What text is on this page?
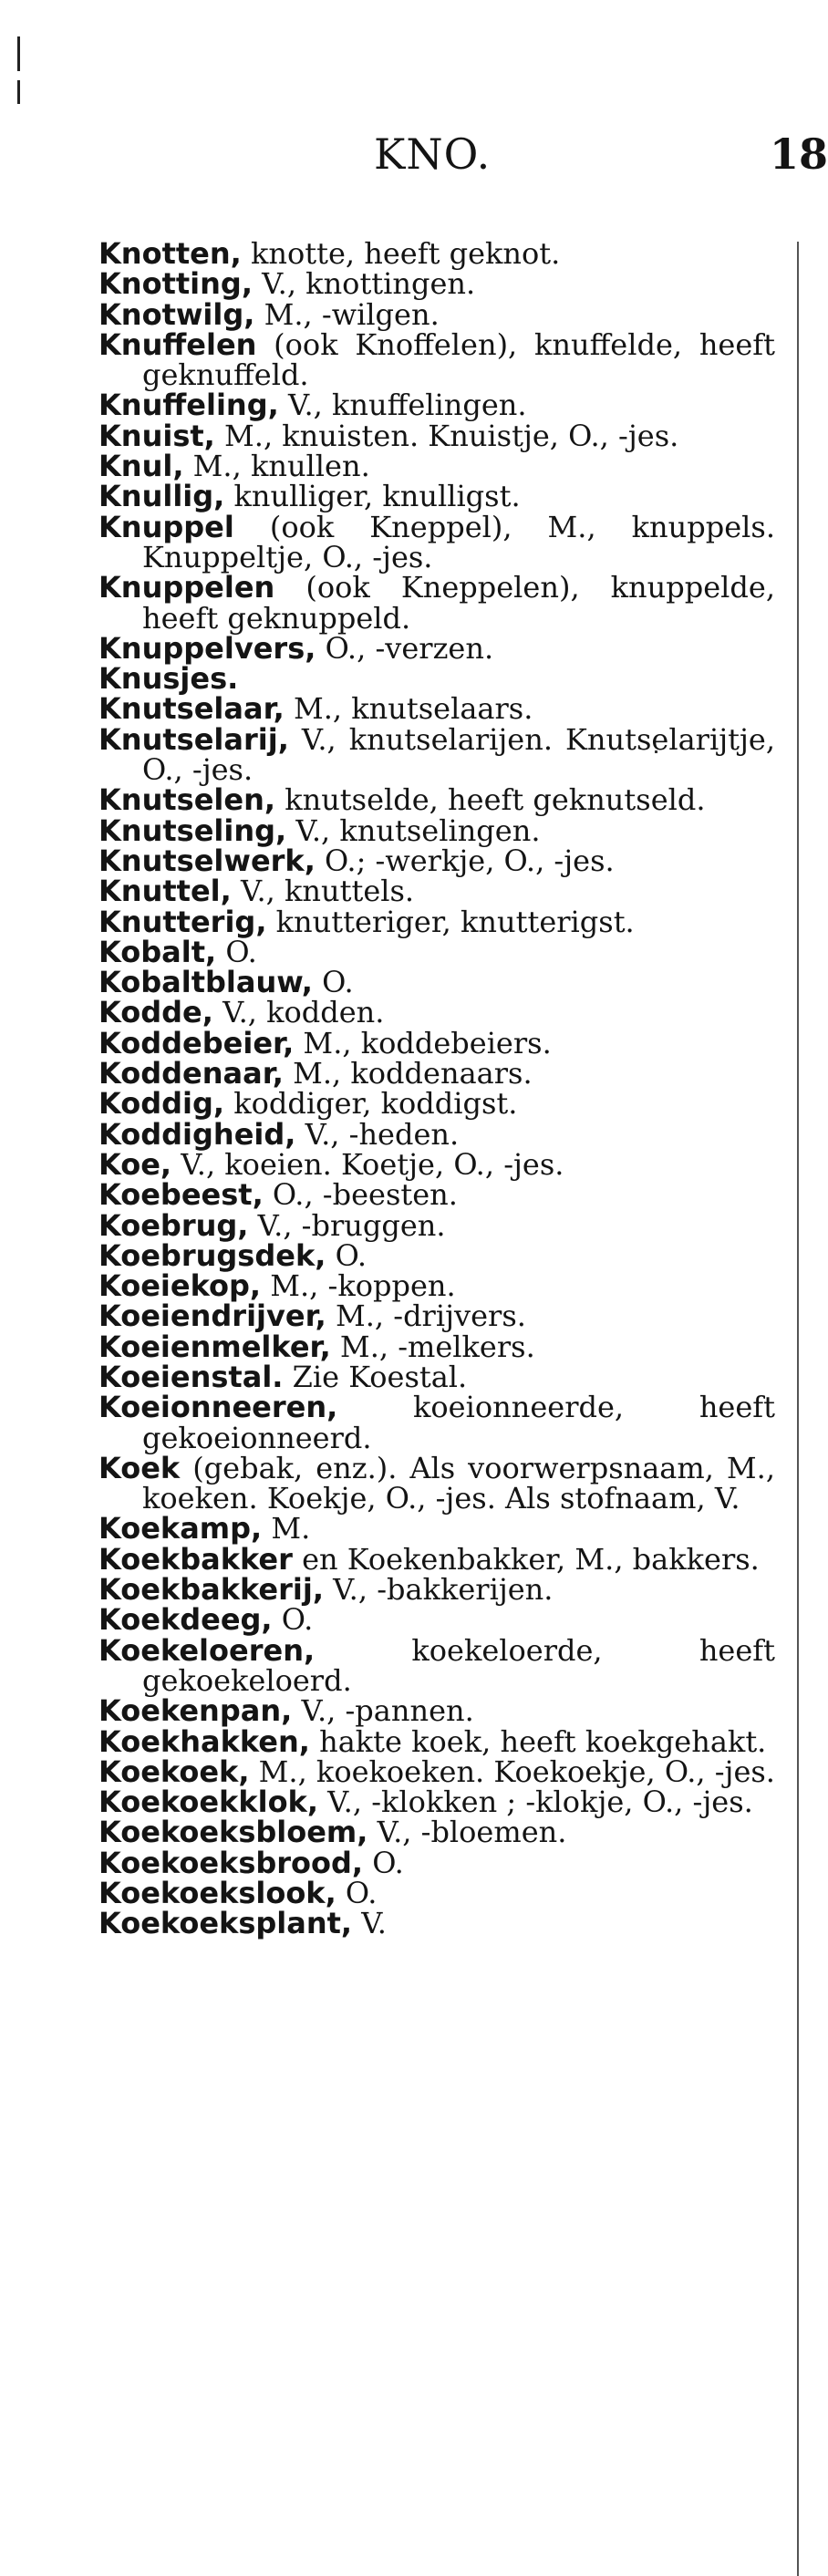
KNO.	18
Knotten, knotte, heeft geknot.
Knotting, V., knottingen.
Knotwilg, M., -wilgen.
Knuffelen (ook Knoffelen), knuffelde, heeft geknuffeld.
Knuffeling, V., knuffelingen.
Knuist, M., knuisten. Knuistje, O., -jes.
Knul, M., knullen.
Knullig, knulliger, knulligst.
Knuppel (ook Kneppel), M., knuppels. Knuppeltje, O., -jes.
Knuppelen (ook Kneppelen), knuppelde, heeft geknuppeld.
Knuppelvers, O., -verzen.
Knusjes.
Knutselaar, M., knutselaars.
Knutselarij, V., knutselarijen. Knutselarijtje, O., -jes.
Knutselen, knutselde, heeft geknutseld.
Knutseling, V., knutselingen.
Knutselwerk, O.; -werkje, O., -jes.
Knuttel, V., knuttels.
Knutterig, knutteriger, knutterigst.
Kobalt, O.
Kobaltblauw, O.
Kodde, V., kodden.
Koddebeier, M., koddebeiers.
Koddenaar, M., koddenaars.
Koddig, koddiger, koddigst.
Koddigheid, V., -heden.
Koe, V., koeien. Koetje, O., -jes.
Koebeest, O., -beesten.
Koebrug, V., -bruggen.
Koebrugsdek, O.
Koeiekop, M., -koppen.
Koeiendrijver, M., -drijvers.
Koeienmelker, M., -melkers.
Koeienstal. Zie Koestal.
Koeionneeren, koeionneerde, heeft gekoeionneerd.
Koek (gebak, enz.). Als voorwerpsnaam, M., koeken. Koekje, O., -jes. Als stofnaam, V.
Koekamp, M.
Koekbakker en Koekenbakker, M., bakkers.
Koekbakkerij, V., -bakkerijen.
Koekdeeg, O.
Koekeloeren, koekeloerde, heeft gekoekeloerd.
Koekenpan, V., -pannen.
Koekhakken, hakte koek, heeft koekgehakt.
Koekoek, M., koekoeken. Koekoekje, O., -jes.
Koekoekklok, V., -klokken ; -klokje, O., -jes.
Koekoeksbloem, V., -bloemen.
Koekoeksbrood, O.
Koekoekslook, O.
Koekoeksplant, V.
